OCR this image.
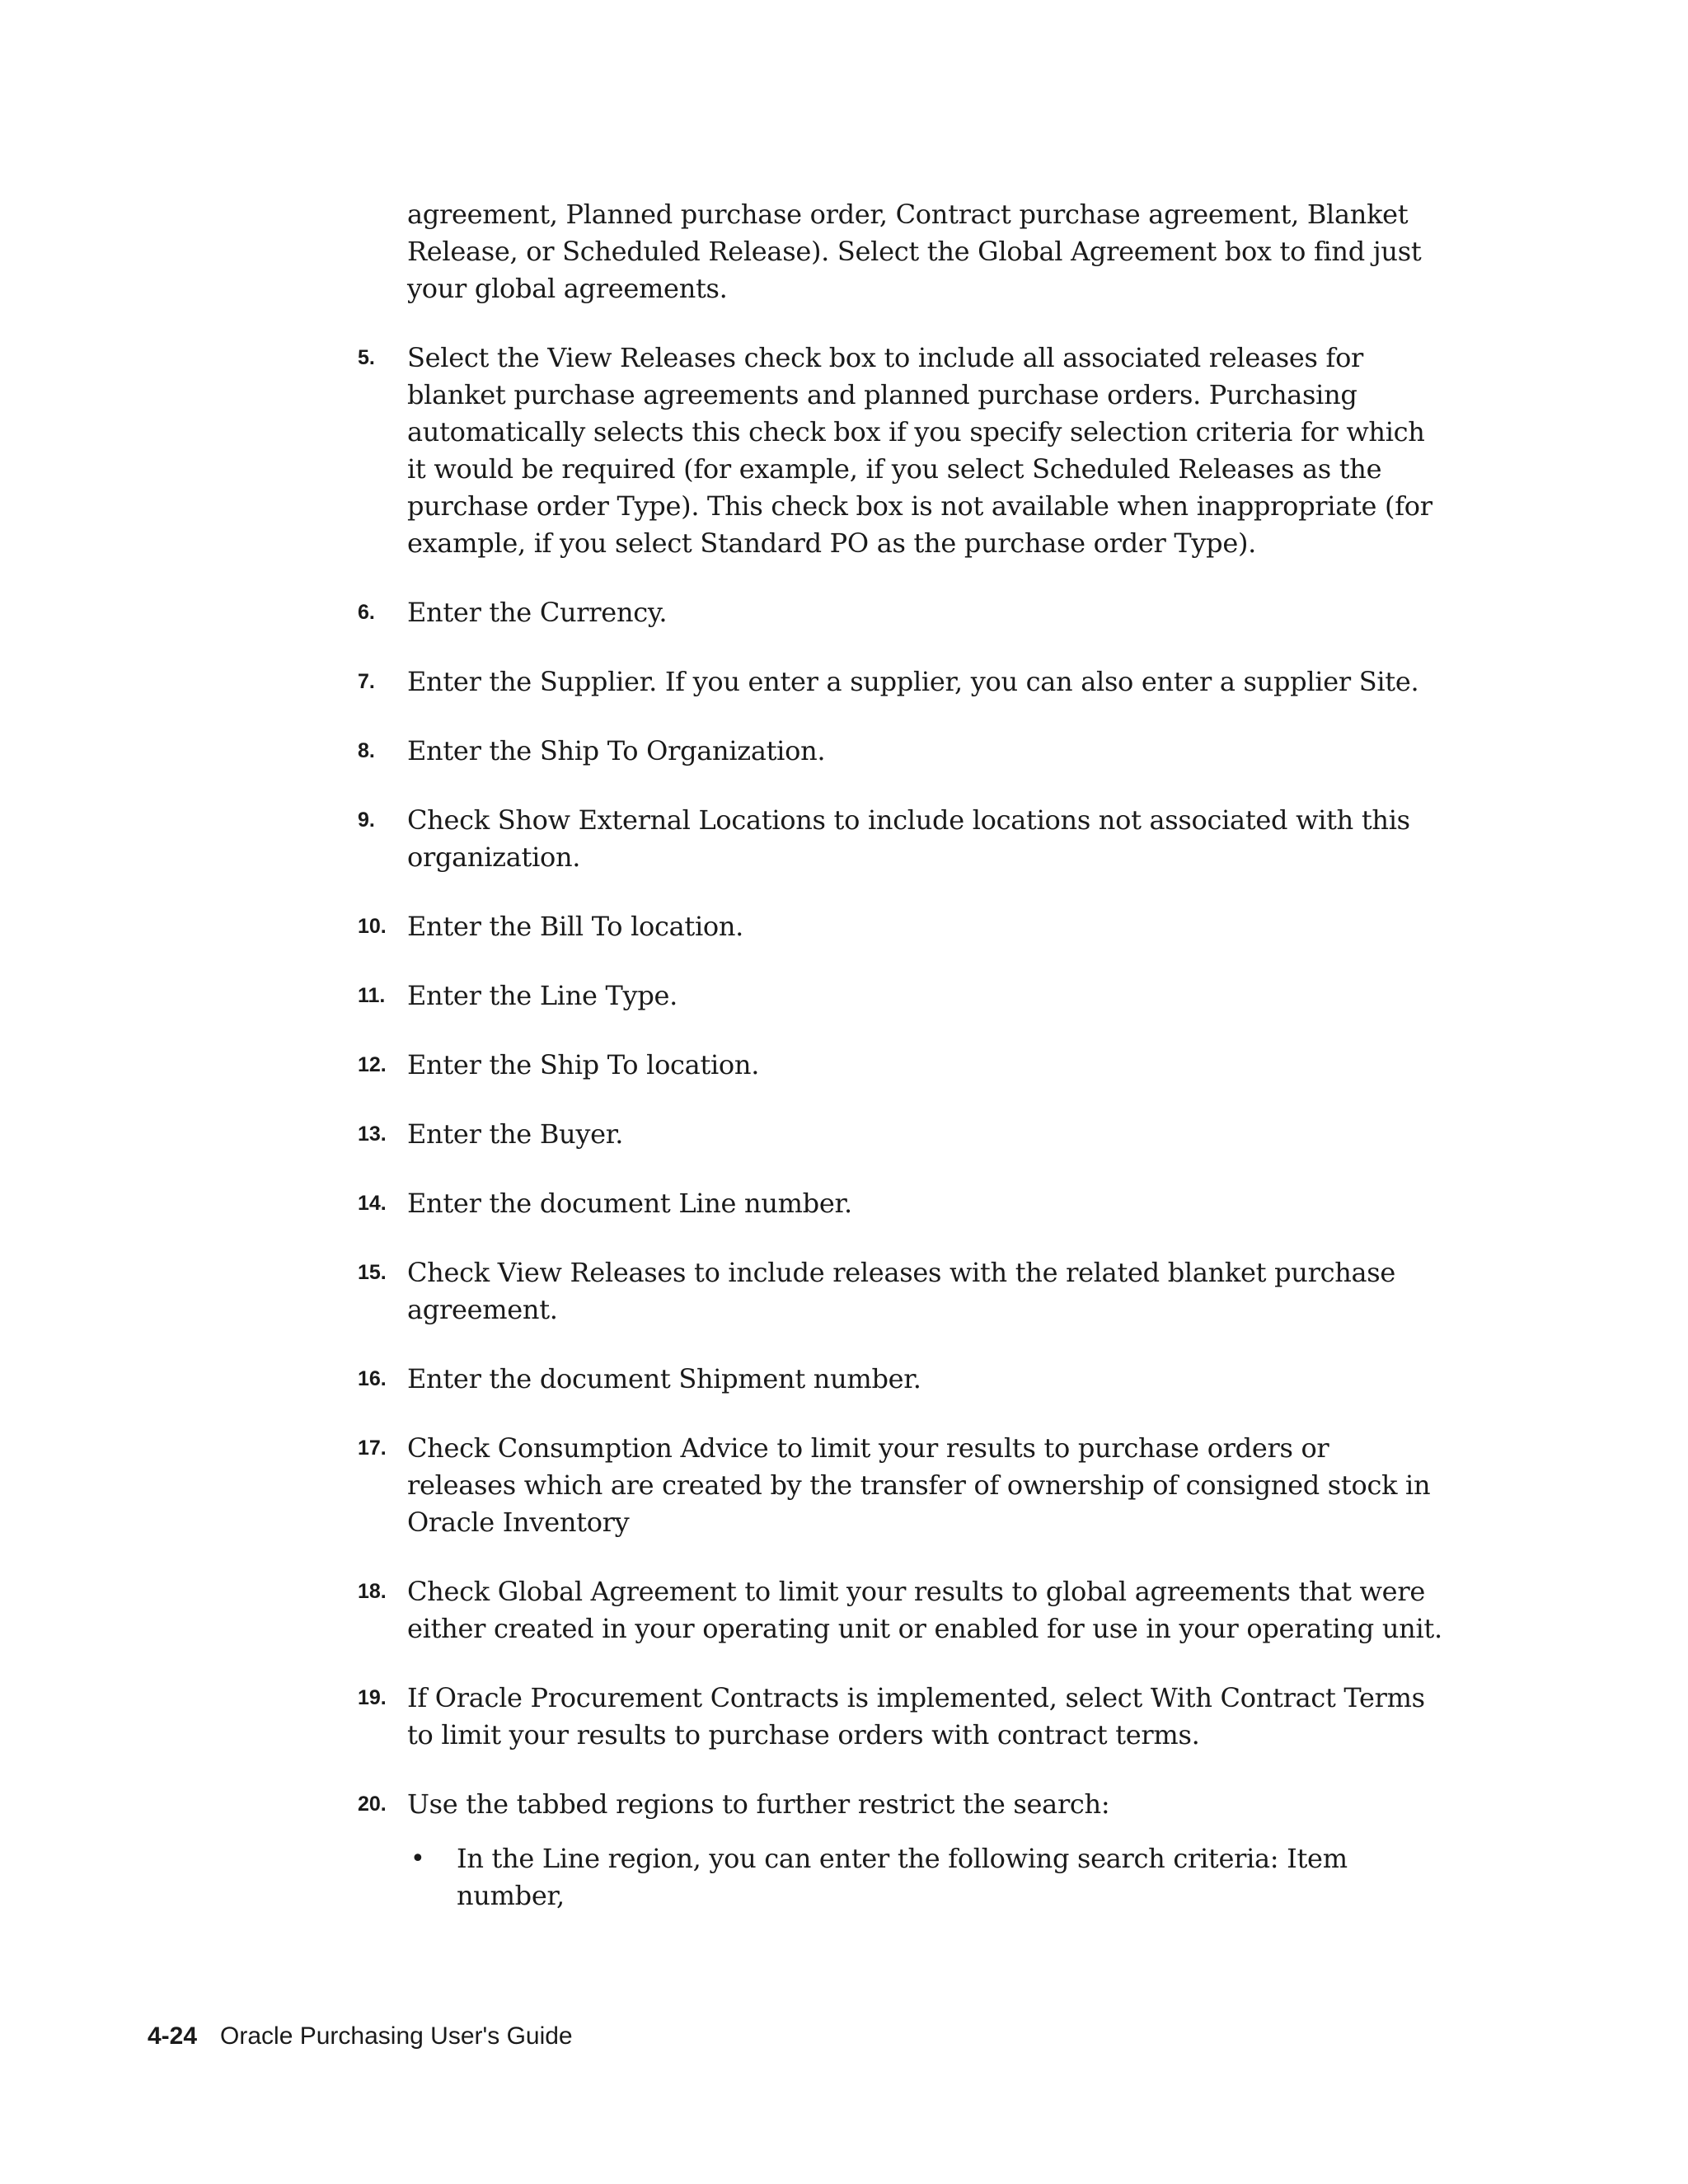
agreement, Planned purchase order, Contract purchase agreement, Blanket Release, or Scheduled Release). Select the Global Agreement box to find just your global agreements.

5. Select the View Releases check box to include all associated releases for blanket purchase agreements and planned purchase orders. Purchasing automatically selects this check box if you specify selection criteria for which it would be required (for example, if you select Scheduled Releases as the purchase order Type). This check box is not available when inappropriate (for example, if you select Standard PO as the purchase order Type).
6. Enter the Currency.
7. Enter the Supplier. If you enter a supplier, you can also enter a supplier Site.
8. Enter the Ship To Organization.
9. Check Show External Locations to include locations not associated with this organization.
10. Enter the Bill To location.
11. Enter the Line Type.
12. Enter the Ship To location.
13. Enter the Buyer.
14. Enter the document Line number.
15. Check View Releases to include releases with the related blanket purchase agreement.
16. Enter the document Shipment number.
17. Check Consumption Advice to limit your results to purchase orders or releases which are created by the transfer of ownership of consigned stock in Oracle Inventory
18. Check Global Agreement to limit your results to global agreements that were either created in your operating unit or enabled for use in your operating unit.
19. If Oracle Procurement Contracts is implemented, select With Contract Terms to limit your results to purchase orders with contract terms.
20. Use the tabbed regions to further restrict the search:
• In the Line region, you can enter the following search criteria: Item number,
4-24 Oracle Purchasing User's Guide
